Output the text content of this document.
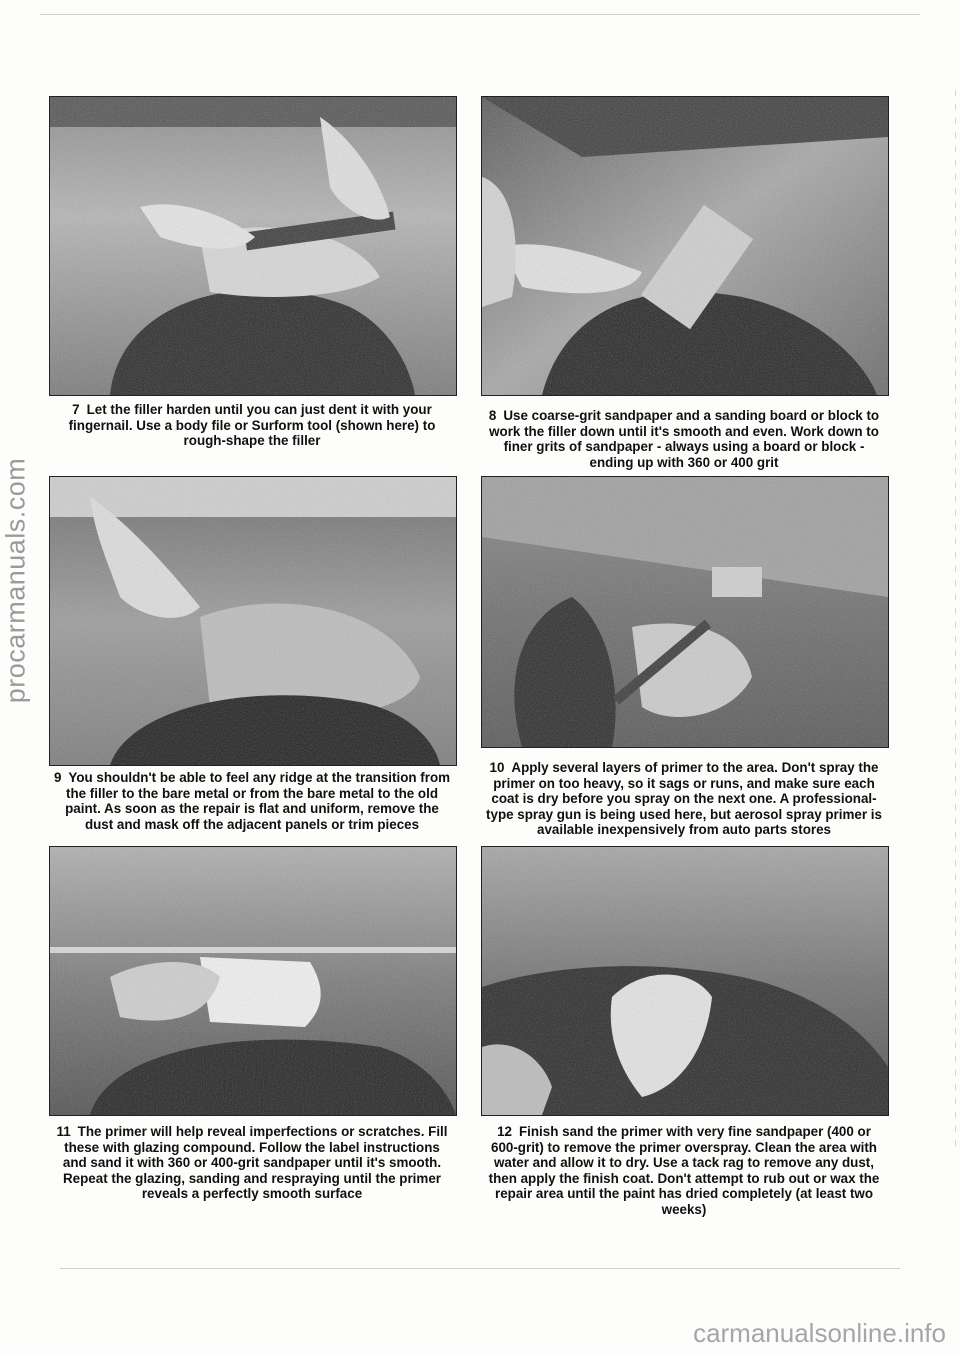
procarmanuals.com
7 Let the filler harden until you can just dent it with your fingernail. Use a body file or Surform tool (shown here) to rough-shape the filler
8 Use coarse-grit sandpaper and a sanding board or block to work the filler down until it's smooth and even. Work down to finer grits of sandpaper - always using a board or block - ending up with 360 or 400 grit
9 You shouldn't be able to feel any ridge at the transition from the filler to the bare metal or from the bare metal to the old paint. As soon as the repair is flat and uniform, remove the dust and mask off the adjacent panels or trim pieces
10 Apply several layers of primer to the area. Don't spray the primer on too heavy, so it sags or runs, and make sure each coat is dry before you spray on the next one. A professional-type spray gun is being used here, but aerosol spray primer is available inexpensively from auto parts stores
11 The primer will help reveal imperfections or scratches. Fill these with glazing compound. Follow the label instructions and sand it with 360 or 400-grit sandpaper until it's smooth. Repeat the glazing, sanding and respraying until the primer reveals a perfectly smooth surface
12 Finish sand the primer with very fine sandpaper (400 or 600-grit) to remove the primer overspray. Clean the area with water and allow it to dry. Use a tack rag to remove any dust, then apply the finish coat. Don't attempt to rub out or wax the repair area until the paint has dried completely (at least two weeks)
carmanualsonline.info
